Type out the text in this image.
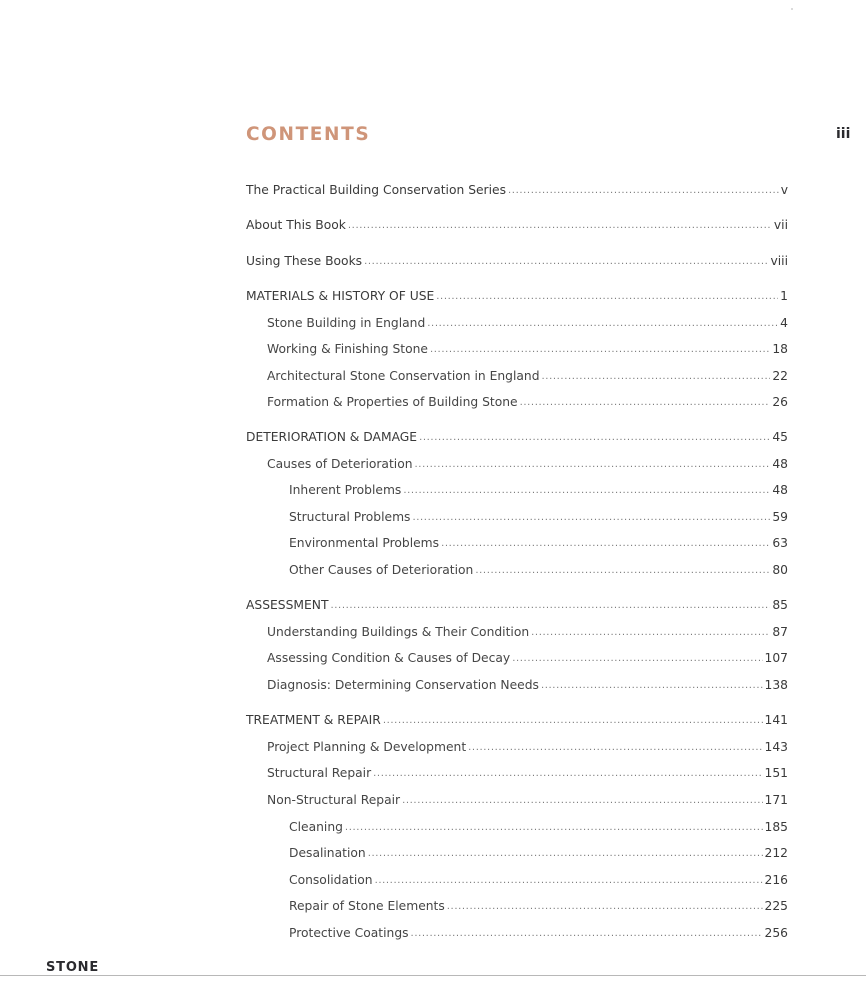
CONTENTS	iii
The Practical Building Conservation Series .....	v
About This Book .....	vii
Using These Books .....	viii
MATERIALS & HISTORY OF USE .....	1
Stone Building in England .....	4
Working & Finishing Stone .....	18
Architectural Stone Conservation in England .....	22
Formation & Properties of Building Stone .....	26
DETERIORATION & DAMAGE .....	45
Causes of Deterioration .....	48
Inherent Problems .....	48
Structural Problems .....	59
Environmental Problems .....	63
Other Causes of Deterioration .....	80
ASSESSMENT .....	85
Understanding Buildings & Their Condition .....	87
Assessing Condition & Causes of Decay .....	107
Diagnosis: Determining Conservation Needs .....	138
TREATMENT & REPAIR .....	141
Project Planning & Development .....	143
Structural Repair .....	151
Non-Structural Repair .....	171
Cleaning .....	185
Desalination .....	212
Consolidation .....	216
Repair of Stone Elements .....	225
Protective Coatings .....	256
STONE
